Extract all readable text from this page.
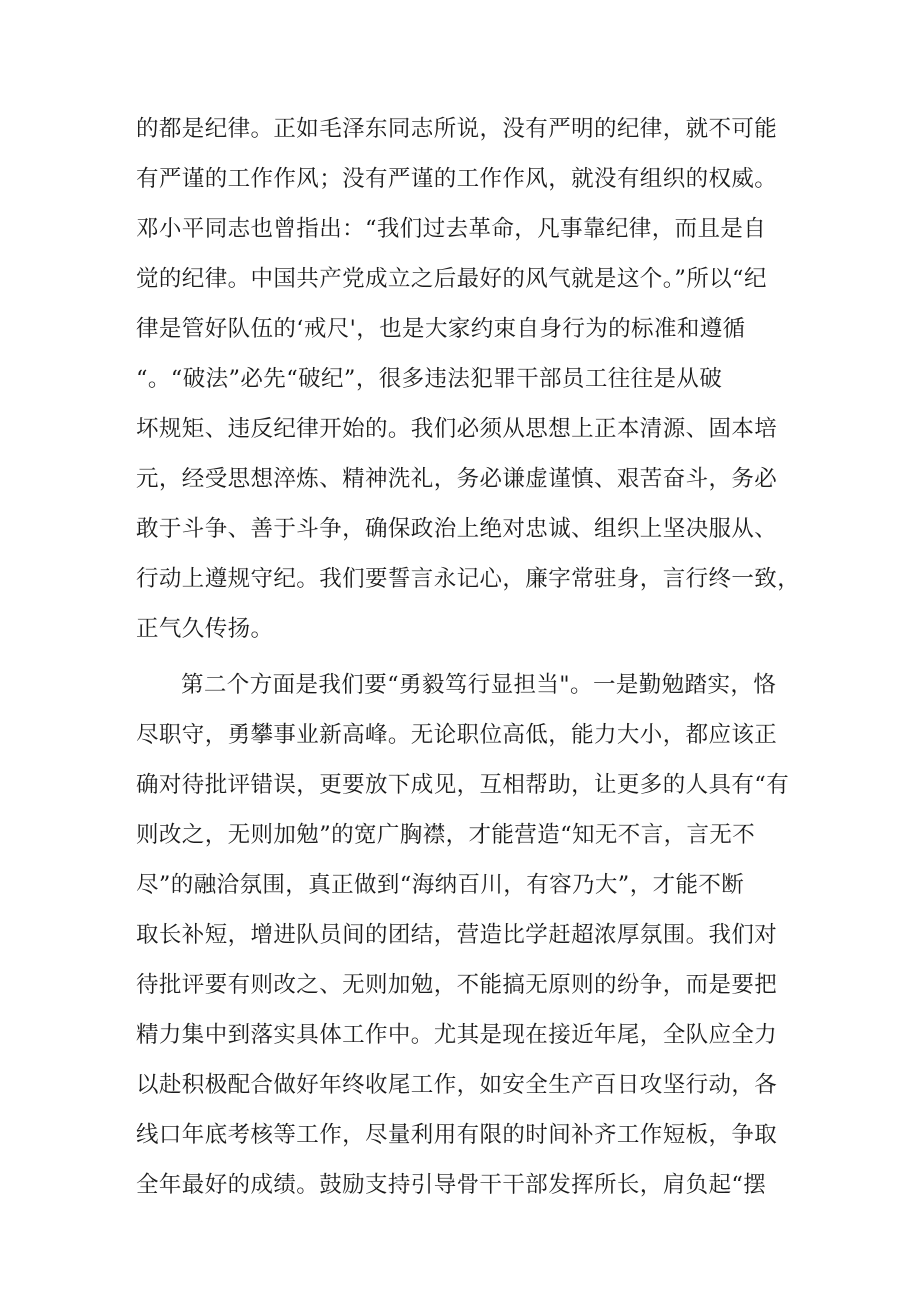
的都是纪律。正如毛泽东同志所说，没有严明的纪律，就不可能
有严谨的工作作风；没有严谨的工作作风，就没有组织的权威。
邓小平同志也曾指出：“我们过去革命，凡事靠纪律，而且是自
觉的纪律。中国共产党成立之后最好的风气就是这个。”所以“纪
律是管好队伍的‘戒尺'，也是大家约束自身行为的标准和遵循
“。“破法”必先“破纪”，很多违法犯罪干部员工往往是从破
坏规矩、违反纪律开始的。我们必须从思想上正本清源、固本培
元，经受思想淬炼、精神洗礼，务必谦虚谨慎、艰苦奋斗，务必
敢于斗争、善于斗争，确保政治上绝对忠诚、组织上坚决服从、
行动上遵规守纪。我们要誓言永记心，廉字常驻身，言行终一致，
正气久传扬。
第二个方面是我们要“勇毅笃行显担当"。一是勤勉踏实，恪
尽职守，勇攀事业新高峰。无论职位高低，能力大小，都应该正
确对待批评错误，更要放下成见，互相帮助，让更多的人具有“有
则改之，无则加勉”的宽广胸襟，才能营造“知无不言，言无不
尽”的融洽氛围，真正做到“海纳百川，有容乃大”，才能不断
取长补短，增进队员间的团结，营造比学赶超浓厚氛围。我们对
待批评要有则改之、无则加勉，不能搞无原则的纷争，而是要把
精力集中到落实具体工作中。尤其是现在接近年尾，全队应全力
以赴积极配合做好年终收尾工作，如安全生产百日攻坚行动，各
线口年底考核等工作，尽量利用有限的时间补齐工作短板，争取
全年最好的成绩。鼓励支持引导骨干干部发挥所长，肩负起“摆
